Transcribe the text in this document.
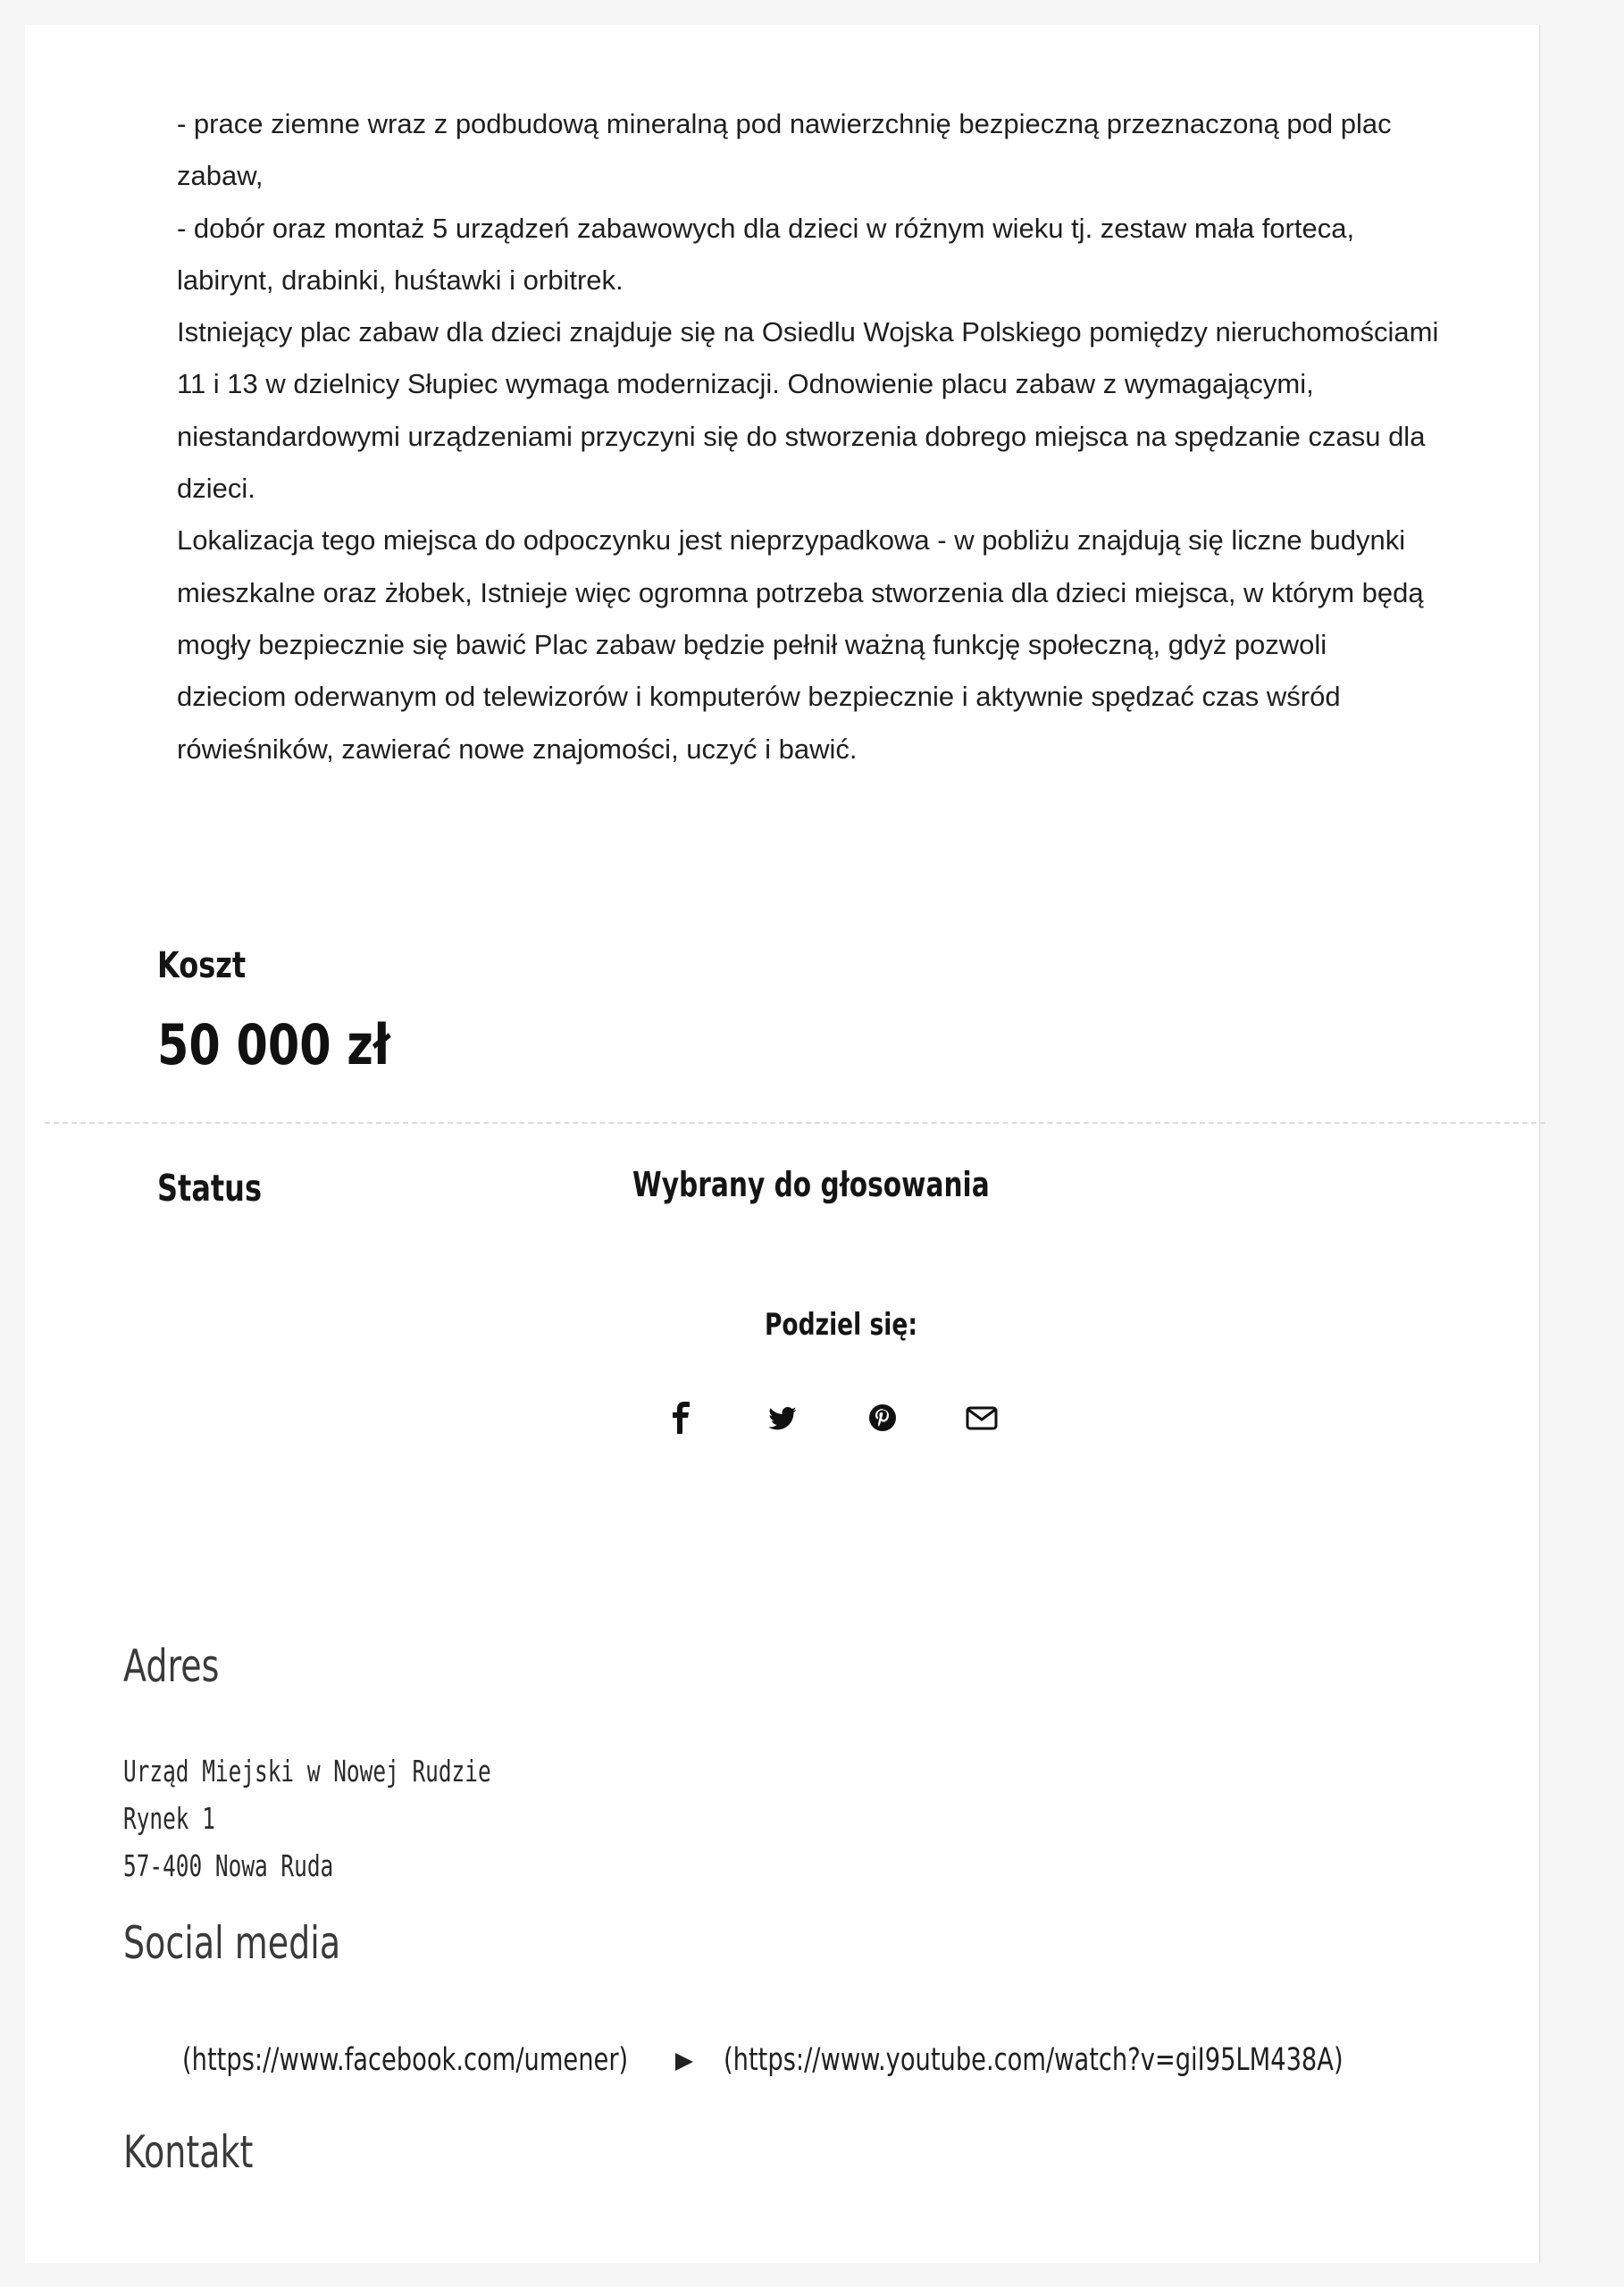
- prace ziemne wraz z podbudową mineralną pod nawierzchnię bezpieczną przeznaczoną pod plac

zabaw,

- dobór oraz montaż 5 urządzeń zabawowych dla dzieci w różnym wieku tj. zestaw mała forteca,

labirynt, drabinki, huśtawki i orbitrek.

Istniejący plac zabaw dla dzieci znajduje się na Osiedlu Wojska Polskiego pomiędzy nieruchomościami

11 i 13 w dzielnicy Słupiec wymaga modernizacji. Odnowienie placu zabaw z wymagającymi,

niestandardowymi urządzeniami przyczyni się do stworzenia dobrego miejsca na spędzanie czasu dla

dzieci.

Lokalizacja tego miejsca do odpoczynku jest nieprzypadkowa - w pobliżu znajdują się liczne budynki

mieszkalne oraz żłobek, Istnieje więc ogromna potrzeba stworzenia dla dzieci miejsca, w którym będą

mogły bezpiecznie się bawić Plac zabaw będzie pełnił ważną funkcję społeczną, gdyż pozwoli

dzieciom oderwanym od telewizorów i komputerów bezpiecznie i aktywnie spędzać czas wśród

rówieśników, zawierać nowe znajomości, uczyć i bawić.

Koszt
50 000 zł
Status	Wybrany do głosowania
Podziel się:
Adres
Urząd Miejski w Nowej Rudzie
Rynek 1
57-400 Nowa Ruda
Social media
(https://www.facebook.com/umener)	(https://www.youtube.com/watch?v=giI95LM438A)
Kontakt
